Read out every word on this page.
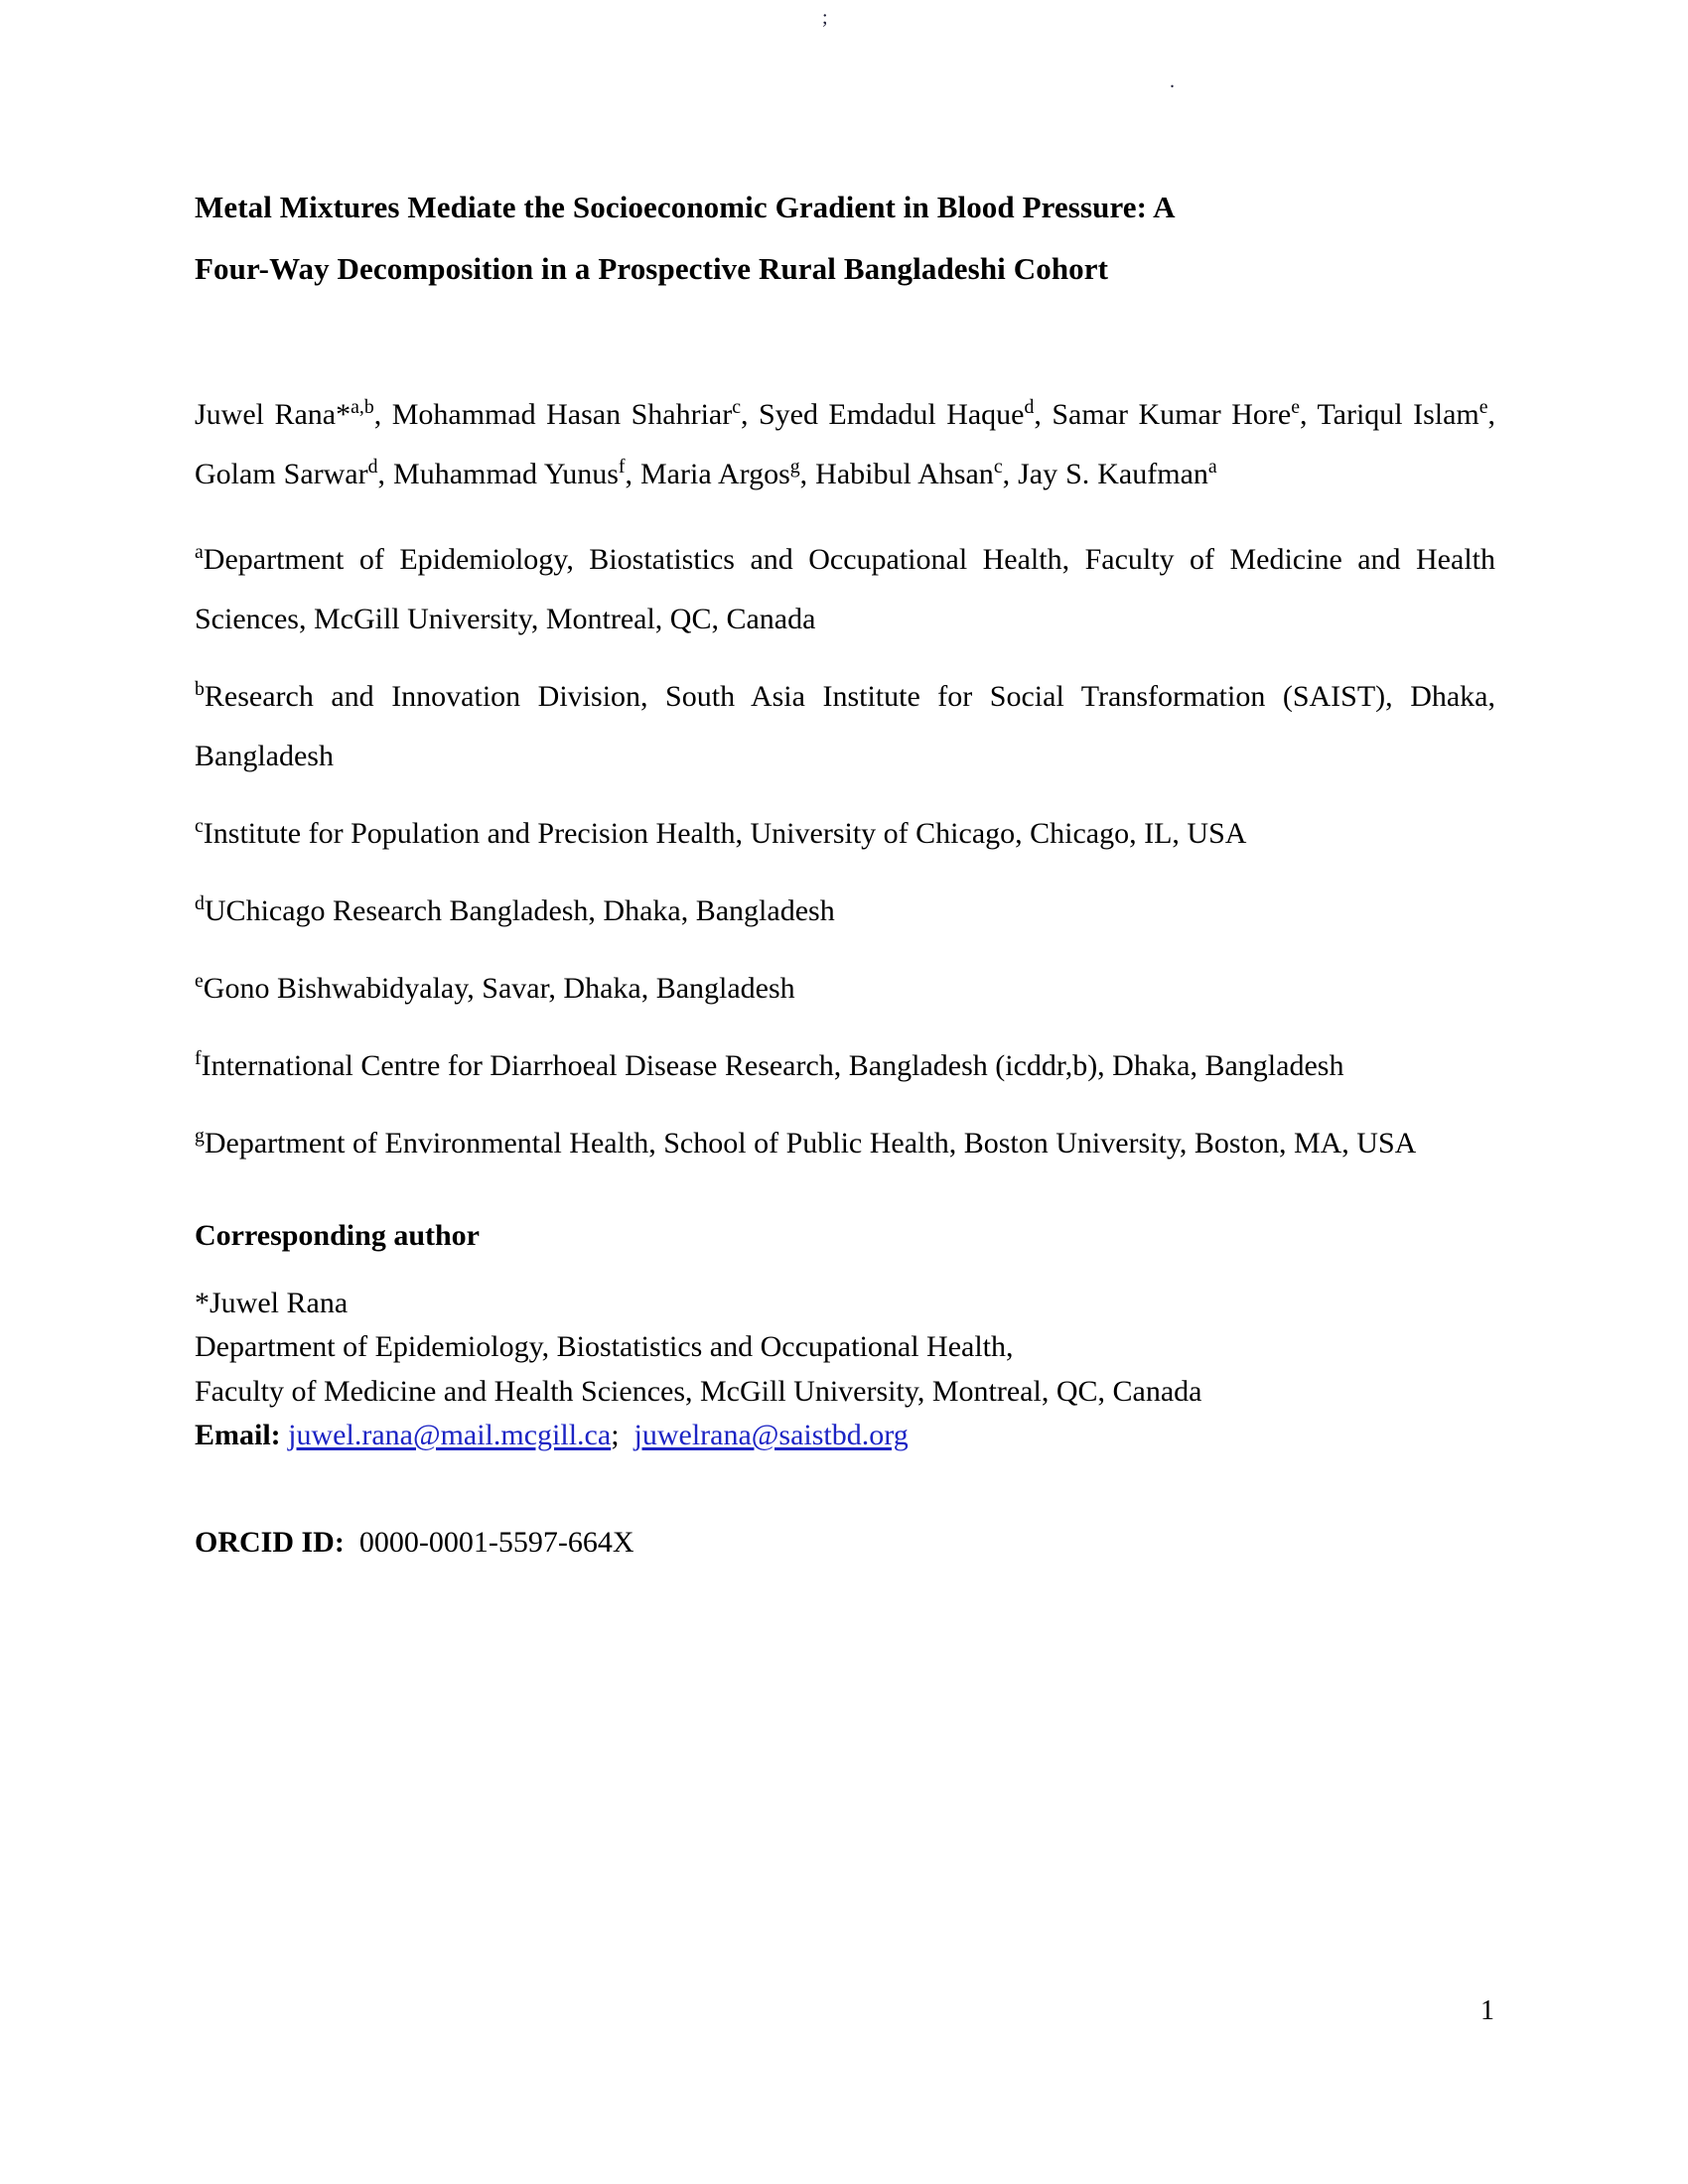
;
.
Metal Mixtures Mediate the Socioeconomic Gradient in Blood Pressure: A
Four-Way Decomposition in a Prospective Rural Bangladeshi Cohort

Juwel Rana*$^{a,b}$, Mohammad Hasan Shahriar$^c$, Syed Emdadul Haque$^d$, Samar Kumar Hore$^e$, Tariqul Islam$^e$, Golam Sarwar$^d$, Muhammad Yunus$^f$, Maria Argos$^g$, Habibul Ahsan$^c$, Jay S. Kaufman$^a$

$^a$Department of Epidemiology, Biostatistics and Occupational Health, Faculty of Medicine and Health Sciences, McGill University, Montreal, QC, Canada

$^b$Research and Innovation Division, South Asia Institute for Social Transformation (SAIST), Dhaka, Bangladesh

$^c$Institute for Population and Precision Health, University of Chicago, Chicago, IL, USA

$^d$UChicago Research Bangladesh, Dhaka, Bangladesh

$^e$Gono Bishwabidyalay, Savar, Dhaka, Bangladesh

$^f$International Centre for Diarrhoeal Disease Research, Bangladesh (icddr,b), Dhaka, Bangladesh

$^g$Department of Environmental Health, School of Public Health, Boston University, Boston, MA, USA

Corresponding author

*Juwel Rana

Department of Epidemiology, Biostatistics and Occupational Health,

Faculty of Medicine and Health Sciences, McGill University, Montreal, QC, Canada

Email: juwel.rana@mail.mcgill.ca; juwelrana@saistbd.org

ORCID ID: 0000-0001-5597-664X
1
